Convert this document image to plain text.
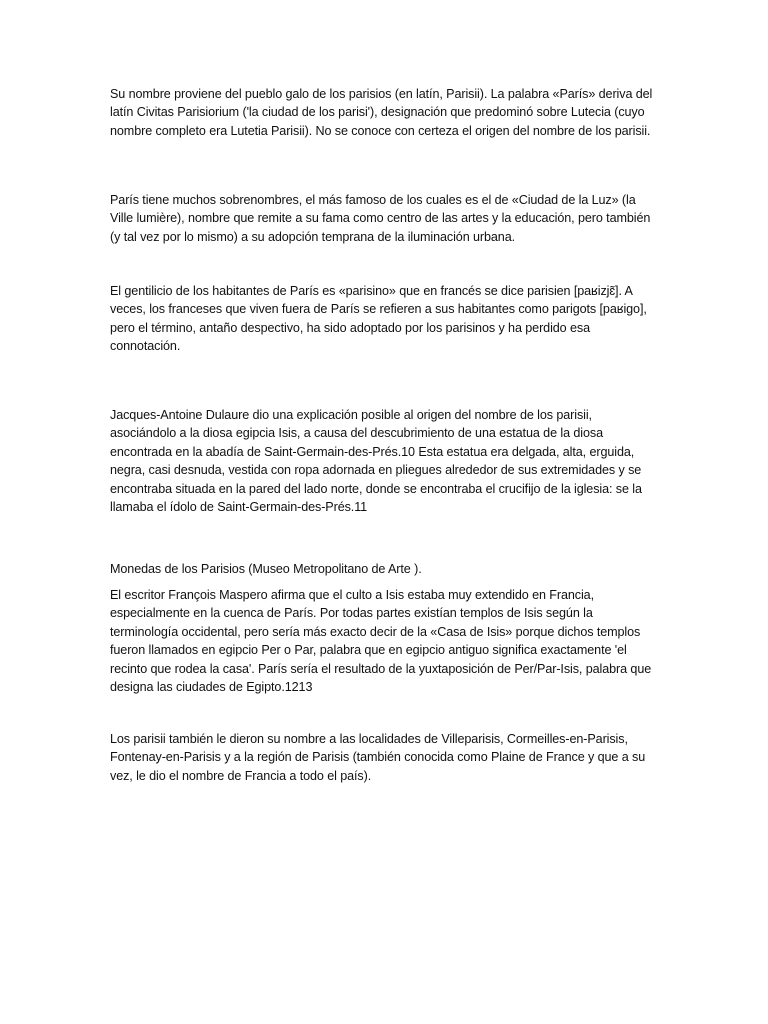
Su nombre proviene del pueblo galo de los parisios (en latín, Parisii). La palabra «París» deriva del latín Civitas Parisiorium ('la ciudad de los parisi'), designación que predominó sobre Lutecia (cuyo nombre completo era Lutetia Parisii). No se conoce con certeza el origen del nombre de los parisii.

París tiene muchos sobrenombres, el más famoso de los cuales es el de «Ciudad de la Luz» (la Ville lumière), nombre que remite a su fama como centro de las artes y la educación, pero también (y tal vez por lo mismo) a su adopción temprana de la iluminación urbana.

El gentilicio de los habitantes de París es «parisino» que en francés se dice parisien [paʁizjɛ̃]. A veces, los franceses que viven fuera de París se refieren a sus habitantes como parigots [paʁigo], pero el término, antaño despectivo, ha sido adoptado por los parisinos y ha perdido esa connotación.

Jacques-Antoine Dulaure dio una explicación posible al origen del nombre de los parisii, asociándolo a la diosa egipcia Isis, a causa del descubrimiento de una estatua de la diosa encontrada en la abadía de Saint-Germain-des-Prés.10 Esta estatua era delgada, alta, erguida, negra, casi desnuda, vestida con ropa adornada en pliegues alrededor de sus extremidades y se encontraba situada en la pared del lado norte, donde se encontraba el crucifijo de la iglesia: se la llamaba el ídolo de Saint-Germain-des-Prés.11

Monedas de los Parisios (Museo Metropolitano de Arte ).

El escritor François Maspero afirma que el culto a Isis estaba muy extendido en Francia, especialmente en la cuenca de París. Por todas partes existían templos de Isis según la terminología occidental, pero sería más exacto decir de la «Casa de Isis» porque dichos templos fueron llamados en egipcio Per o Par, palabra que en egipcio antiguo significa exactamente 'el recinto que rodea la casa'. París sería el resultado de la yuxtaposición de Per/Par-Isis, palabra que designa las ciudades de Egipto.1213

Los parisii también le dieron su nombre a las localidades de Villeparisis, Cormeilles-en-Parisis, Fontenay-en-Parisis y a la región de Parisis (también conocida como Plaine de France y que a su vez, le dio el nombre de Francia a todo el país).
